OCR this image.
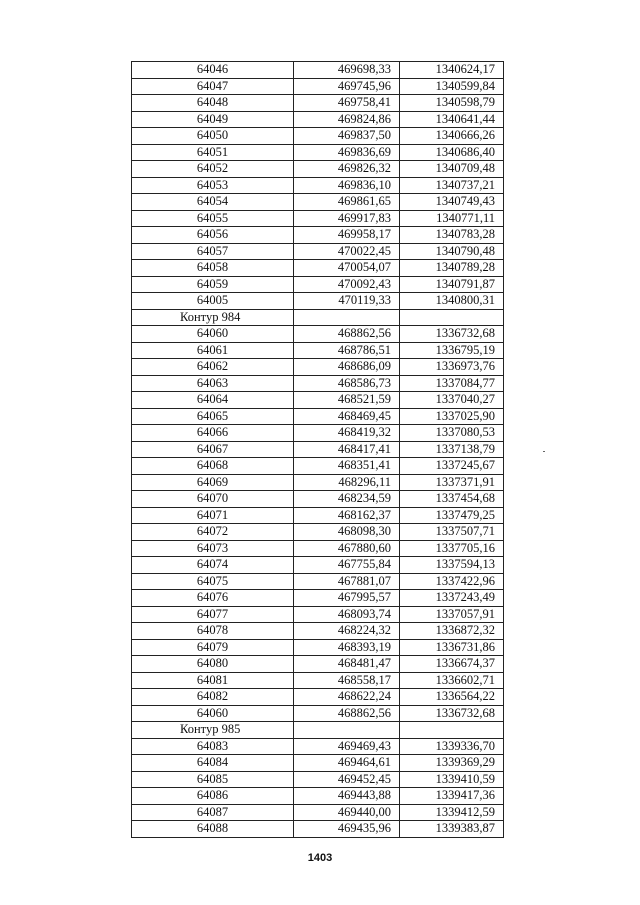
64046	469698,33	1340624,17
64047	469745,96	1340599,84
64048	469758,41	1340598,79
64049	469824,86	1340641,44
64050	469837,50	1340666,26
64051	469836,69	1340686,40
64052	469826,32	1340709,48
64053	469836,10	1340737,21
64054	469861,65	1340749,43
64055	469917,83	1340771,11
64056	469958,17	1340783,28
64057	470022,45	1340790,48
64058	470054,07	1340789,28
64059	470092,43	1340791,87
64005	470119,33	1340800,31
Контур 984		
64060	468862,56	1336732,68
64061	468786,51	1336795,19
64062	468686,09	1336973,76
64063	468586,73	1337084,77
64064	468521,59	1337040,27
64065	468469,45	1337025,90
64066	468419,32	1337080,53
64067	468417,41	1337138,79
64068	468351,41	1337245,67
64069	468296,11	1337371,91
64070	468234,59	1337454,68
64071	468162,37	1337479,25
64072	468098,30	1337507,71
64073	467880,60	1337705,16
64074	467755,84	1337594,13
64075	467881,07	1337422,96
64076	467995,57	1337243,49
64077	468093,74	1337057,91
64078	468224,32	1336872,32
64079	468393,19	1336731,86
64080	468481,47	1336674,37
64081	468558,17	1336602,71
64082	468622,24	1336564,22
64060	468862,56	1336732,68
Контур 985		
64083	469469,43	1339336,70
64084	469464,61	1339369,29
64085	469452,45	1339410,59
64086	469443,88	1339417,36
64087	469440,00	1339412,59
64088	469435,96	1339383,87
1403
